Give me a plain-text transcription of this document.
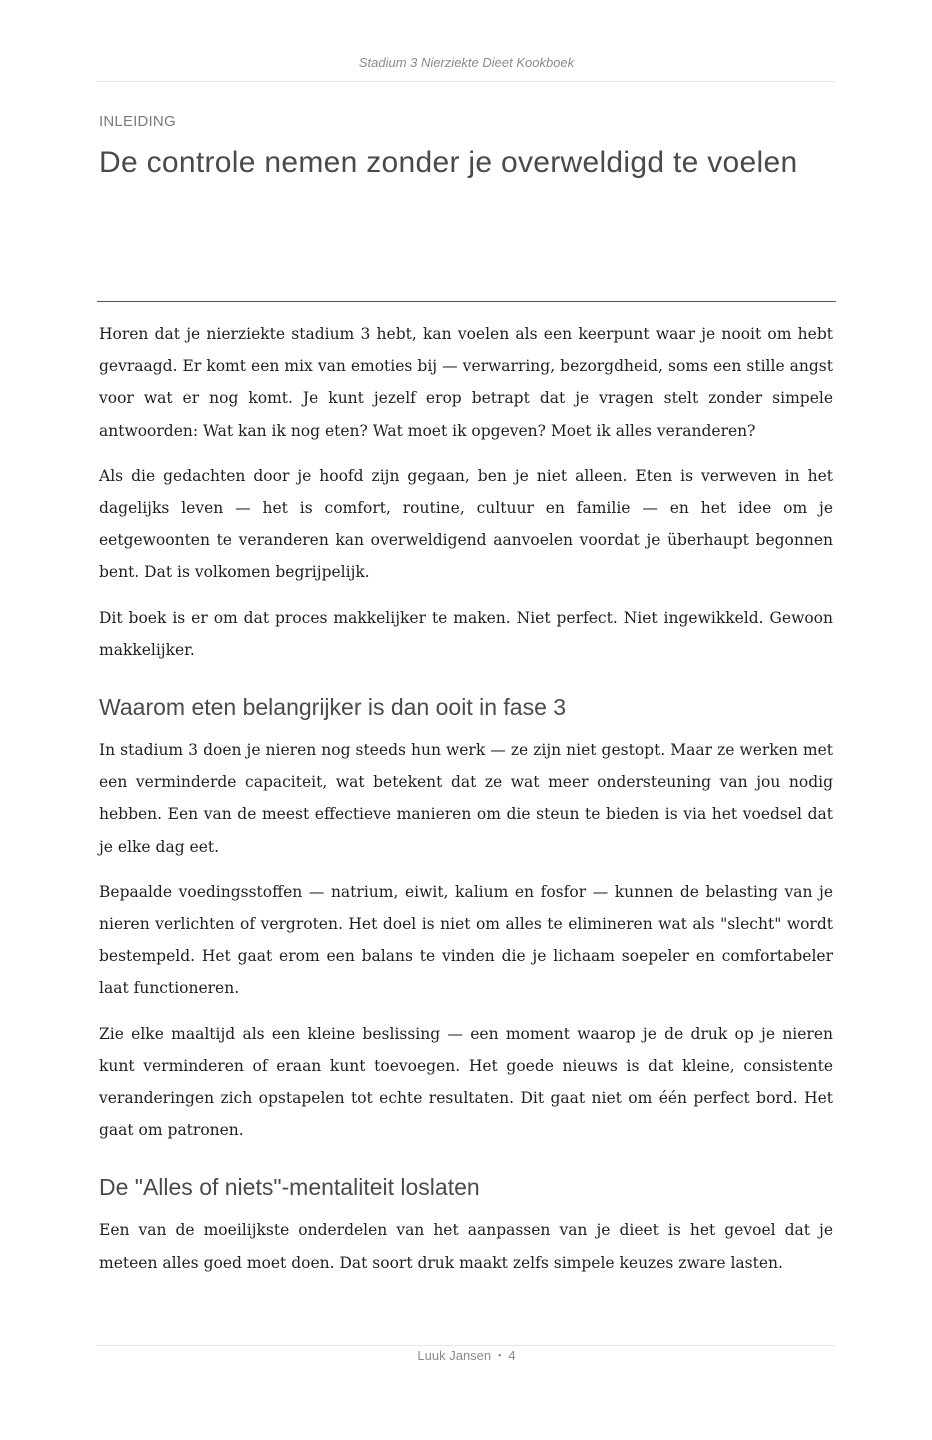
Stadium 3 Nierziekte Dieet Kookboek
INLEIDING
De controle nemen zonder je overweldigd te voelen

Horen dat je nierziekte stadium 3 hebt, kan voelen als een keerpunt waar je nooit om hebt gevraagd. Er komt een mix van emoties bij — verwarring, bezorgdheid, soms een stille angst voor wat er nog komt. Je kunt jezelf erop betrapt dat je vragen stelt zonder simpele antwoorden: Wat kan ik nog eten? Wat moet ik opgeven? Moet ik alles veranderen?

Als die gedachten door je hoofd zijn gegaan, ben je niet alleen. Eten is verweven in het dagelijks leven — het is comfort, routine, cultuur en familie — en het idee om je eetgewoonten te veranderen kan overweldigend aanvoelen voordat je überhaupt begonnen bent. Dat is volkomen begrijpelijk.

Dit boek is er om dat proces makkelijker te maken. Niet perfect. Niet ingewikkeld. Gewoon makkelijker.

Waarom eten belangrijker is dan ooit in fase 3

In stadium 3 doen je nieren nog steeds hun werk — ze zijn niet gestopt. Maar ze werken met een verminderde capaciteit, wat betekent dat ze wat meer ondersteuning van jou nodig hebben. Een van de meest effectieve manieren om die steun te bieden is via het voedsel dat je elke dag eet.

Bepaalde voedingsstoffen — natrium, eiwit, kalium en fosfor — kunnen de belasting van je nieren verlichten of vergroten. Het doel is niet om alles te elimineren wat als "slecht" wordt bestempeld. Het gaat erom een balans te vinden die je lichaam soepeler en comfortabeler laat functioneren.

Zie elke maaltijd als een kleine beslissing — een moment waarop je de druk op je nieren kunt verminderen of eraan kunt toevoegen. Het goede nieuws is dat kleine, consistente veranderingen zich opstapelen tot echte resultaten. Dit gaat niet om één perfect bord. Het gaat om patronen.

De "Alles of niets"-mentaliteit loslaten

Een van de moeilijkste onderdelen van het aanpassen van je dieet is het gevoel dat je meteen alles goed moet doen. Dat soort druk maakt zelfs simpele keuzes zware lasten.

Luuk Jansen ▪ 4
